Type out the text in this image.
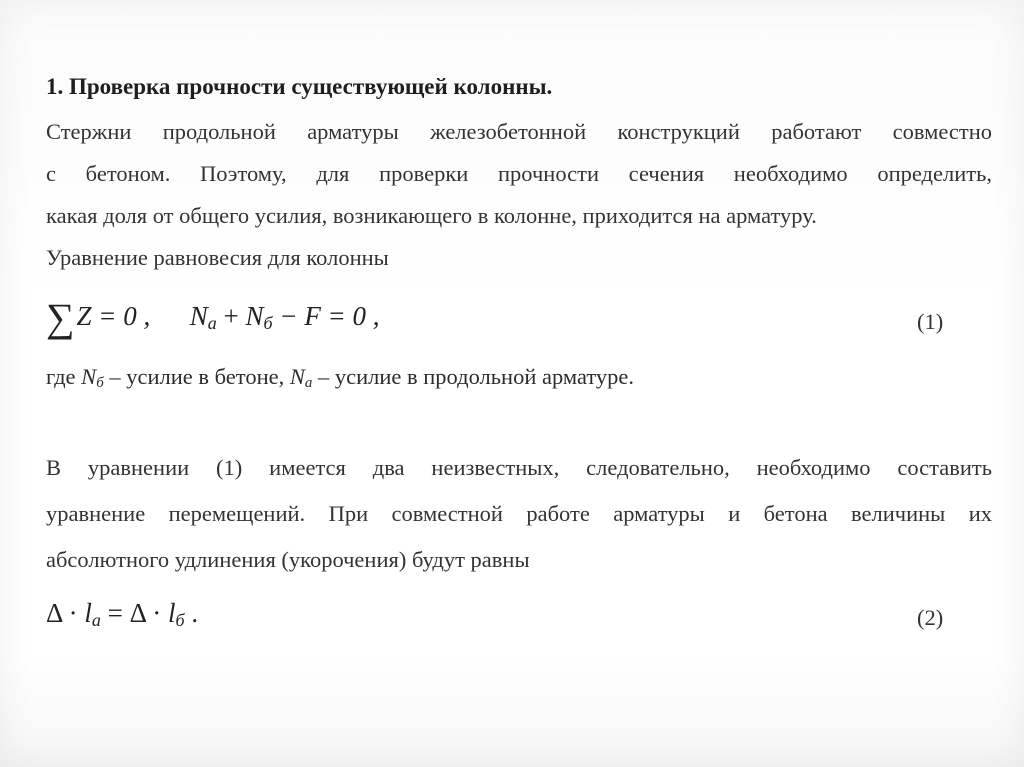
1. Проверка прочности существующей колонны.
Стержни продольной арматуры железобетонной конструкций работают совместно
с бетоном. Поэтому, для проверки прочности сечения необходимо определить,
какая доля от общего усилия, возникающего в колонне, приходится на арматуру.
Уравнение равновесия для колонны
∑Z = 0 , $N_a + N_б - F = 0$ ,	(1)
где $N_б$ – усилие в бетоне, $N_a$ – усилие в продольной арматуре.
В уравнении (1) имеется два неизвестных, следовательно, необходимо составить
уравнение перемещений. При совместной работе арматуры и бетона величины их
абсолютного удлинения (укорочения) будут равны
$\Delta \cdot l_a = \Delta \cdot l_б$ .	(2)
